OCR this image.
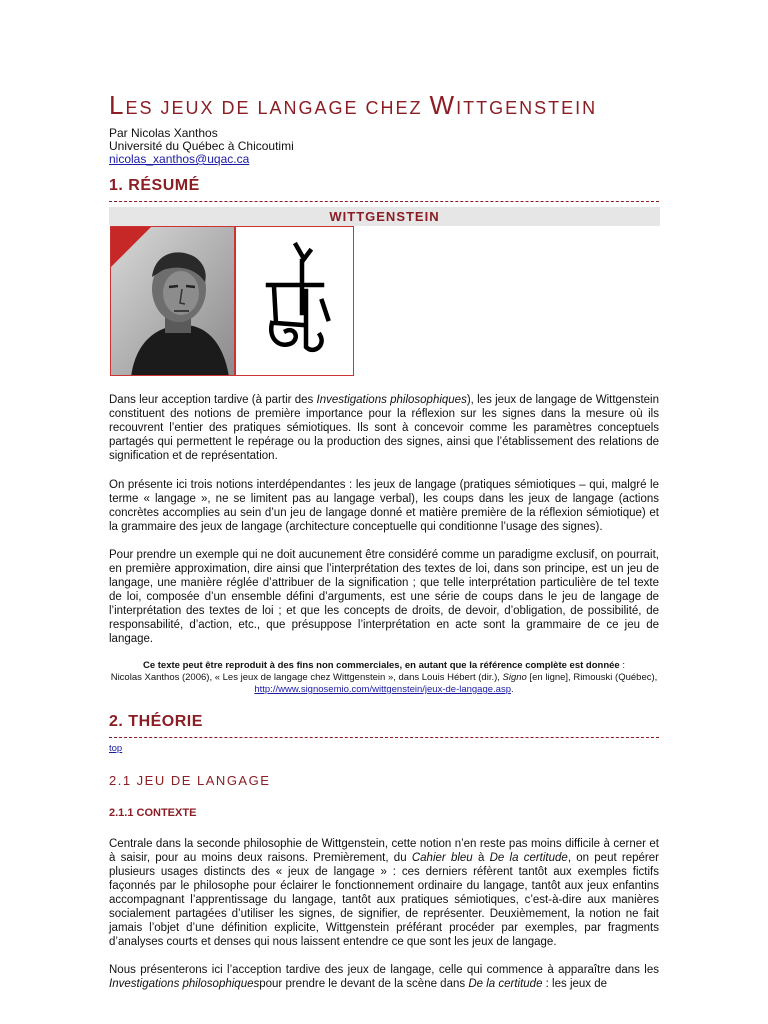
LES JEUX DE LANGAGE CHEZ WITTGENSTEIN
Par Nicolas Xanthos
Université du Québec à Chicoutimi
nicolas_xanthos@uqac.ca
1. RÉSUMÉ
WITTGENSTEIN

Dans leur acception tardive (à partir des Investigations philosophiques), les jeux de langage de Wittgenstein constituent des notions de première importance pour la réflexion sur les signes dans la mesure où ils recouvrent l’entier des pratiques sémiotiques. Ils sont à concevoir comme les paramètres conceptuels partagés qui permettent le repérage ou la production des signes, ainsi que l’établissement des relations de signification et de représentation.

On présente ici trois notions interdépendantes : les jeux de langage (pratiques sémiotiques – qui, malgré le terme « langage », ne se limitent pas au langage verbal), les coups dans les jeux de langage (actions concrètes accomplies au sein d’un jeu de langage donné et matière première de la réflexion sémiotique) et la grammaire des jeux de langage (architecture conceptuelle qui conditionne l’usage des signes).

Pour prendre un exemple qui ne doit aucunement être considéré comme un paradigme exclusif, on pourrait, en première approximation, dire ainsi que l’interprétation des textes de loi, dans son principe, est un jeu de langage, une manière réglée d’attribuer de la signification ; que telle interprétation particulière de tel texte de loi, composée d’un ensemble défini d’arguments, est une série de coups dans le jeu de langage de l’interprétation des textes de loi ; et que les concepts de droits, de devoir, d’obligation, de possibilité, de responsabilité, d’action, etc., que présuppose l’interprétation en acte sont la grammaire de ce jeu de langage.

Ce texte peut être reproduit à des fins non commerciales, en autant que la référence complète est donnée :
Nicolas Xanthos (2006), « Les jeux de langage chez Wittgenstein », dans Louis Hébert (dir.), Signo [en ligne], Rimouski (Québec), http://www.signosemio.com/wittgenstein/jeux-de-langage.asp.
2. THÉORIE
top
2.1 JEU DE LANGAGE
2.1.1 CONTEXTE

Centrale dans la seconde philosophie de Wittgenstein, cette notion n’en reste pas moins difficile à cerner et à saisir, pour au moins deux raisons. Premièrement, du Cahier bleu à De la certitude, on peut repérer plusieurs usages distincts des « jeux de langage » : ces derniers réfèrent tantôt aux exemples fictifs façonnés par le philosophe pour éclairer le fonctionnement ordinaire du langage, tantôt aux jeux enfantins accompagnant l’apprentissage du langage, tantôt aux pratiques sémiotiques, c’est-à-dire aux manières socialement partagées d’utiliser les signes, de signifier, de représenter. Deuxièmement, la notion ne fait jamais l’objet d’une définition explicite, Wittgenstein préférant procéder par exemples, par fragments d’analyses courts et denses qui nous laissent entendre ce que sont les jeux de langage.

Nous présenterons ici l’acception tardive des jeux de langage, celle qui commence à apparaître dans les Investigations philosophiquespour prendre le devant de la scène dans De la certitude : les jeux de
